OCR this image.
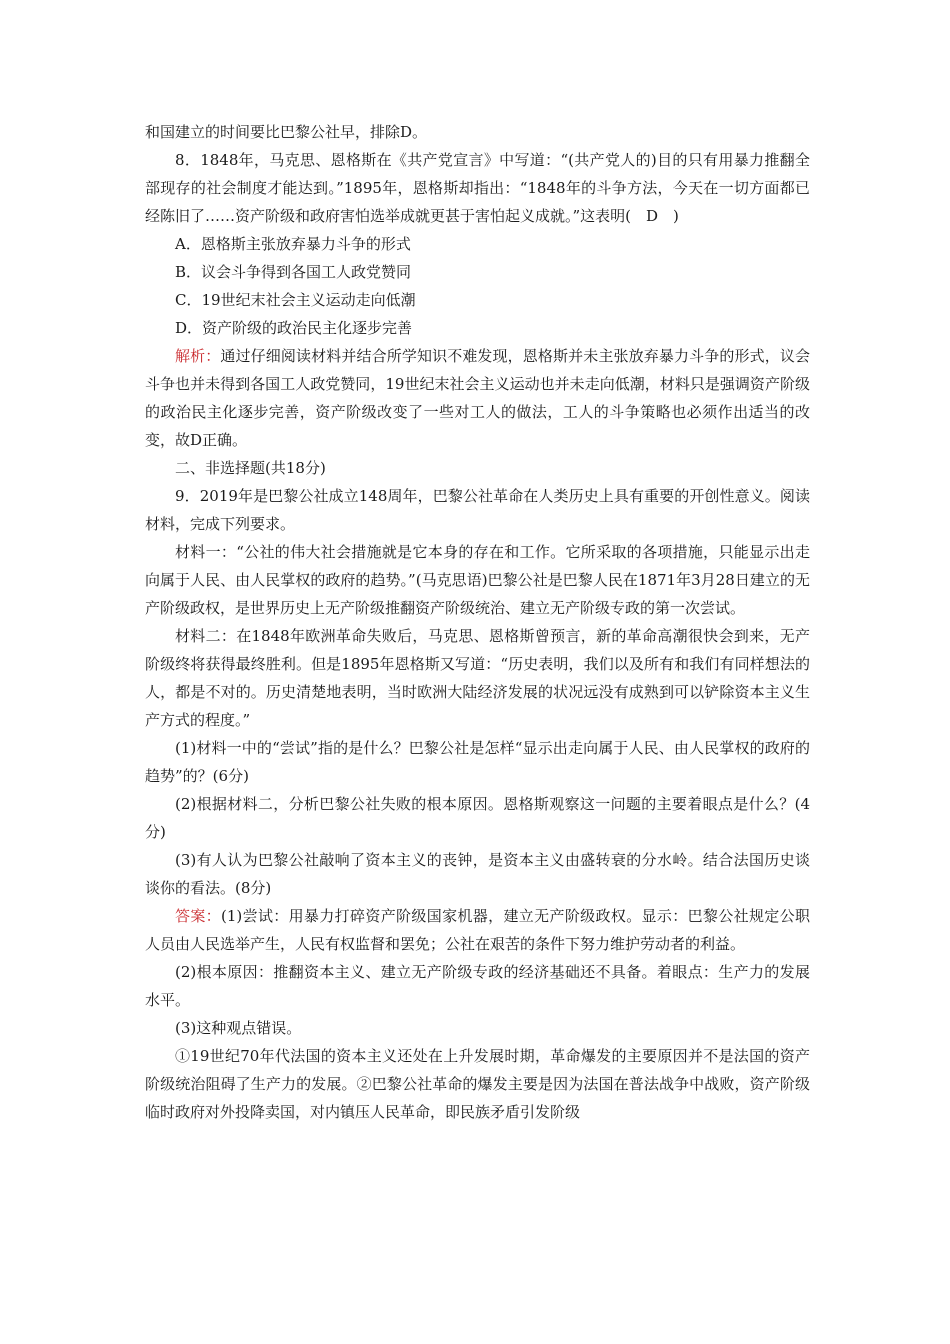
和国建立的时间要比巴黎公社早，排除D。

8．1848年，马克思、恩格斯在《共产党宣言》中写道：“(共产党人的)目的只有用暴力推翻全部现存的社会制度才能达到。”1895年，恩格斯却指出：“1848年的斗争方法，今天在一切方面都已经陈旧了……资产阶级和政府害怕选举成就更甚于害怕起义成就。”这表明(　D　)

A．恩格斯主张放弃暴力斗争的形式

B．议会斗争得到各国工人政党赞同

C．19世纪末社会主义运动走向低潮

D．资产阶级的政治民主化逐步完善

解析：通过仔细阅读材料并结合所学知识不难发现，恩格斯并未主张放弃暴力斗争的形式，议会斗争也并未得到各国工人政党赞同，19世纪末社会主义运动也并未走向低潮，材料只是强调资产阶级的政治民主化逐步完善，资产阶级改变了一些对工人的做法，工人的斗争策略也必须作出适当的改变，故D正确。

二、非选择题(共18分)

9．2019年是巴黎公社成立148周年，巴黎公社革命在人类历史上具有重要的开创性意义。阅读材料，完成下列要求。

材料一：“公社的伟大社会措施就是它本身的存在和工作。它所采取的各项措施，只能显示出走向属于人民、由人民掌权的政府的趋势。”(马克思语)巴黎公社是巴黎人民在1871年3月28日建立的无产阶级政权，是世界历史上无产阶级推翻资产阶级统治、建立无产阶级专政的第一次尝试。

材料二：在1848年欧洲革命失败后，马克思、恩格斯曾预言，新的革命高潮很快会到来，无产阶级终将获得最终胜利。但是1895年恩格斯又写道：“历史表明，我们以及所有和我们有同样想法的人，都是不对的。历史清楚地表明，当时欧洲大陆经济发展的状况远没有成熟到可以铲除资本主义生产方式的程度。”

(1)材料一中的“尝试”指的是什么？巴黎公社是怎样“显示出走向属于人民、由人民掌权的政府的趋势”的？(6分)

(2)根据材料二，分析巴黎公社失败的根本原因。恩格斯观察这一问题的主要着眼点是什么？(4分)

(3)有人认为巴黎公社敲响了资本主义的丧钟，是资本主义由盛转衰的分水岭。结合法国历史谈谈你的看法。(8分)

答案：(1)尝试：用暴力打碎资产阶级国家机器，建立无产阶级政权。显示：巴黎公社规定公职人员由人民选举产生，人民有权监督和罢免；公社在艰苦的条件下努力维护劳动者的利益。

(2)根本原因：推翻资本主义、建立无产阶级专政的经济基础还不具备。着眼点：生产力的发展水平。

(3)这种观点错误。

①19世纪70年代法国的资本主义还处在上升发展时期，革命爆发的主要原因并不是法国的资产阶级统治阻碍了生产力的发展。②巴黎公社革命的爆发主要是因为法国在普法战争中战败，资产阶级临时政府对外投降卖国，对内镇压人民革命，即民族矛盾引发阶级
